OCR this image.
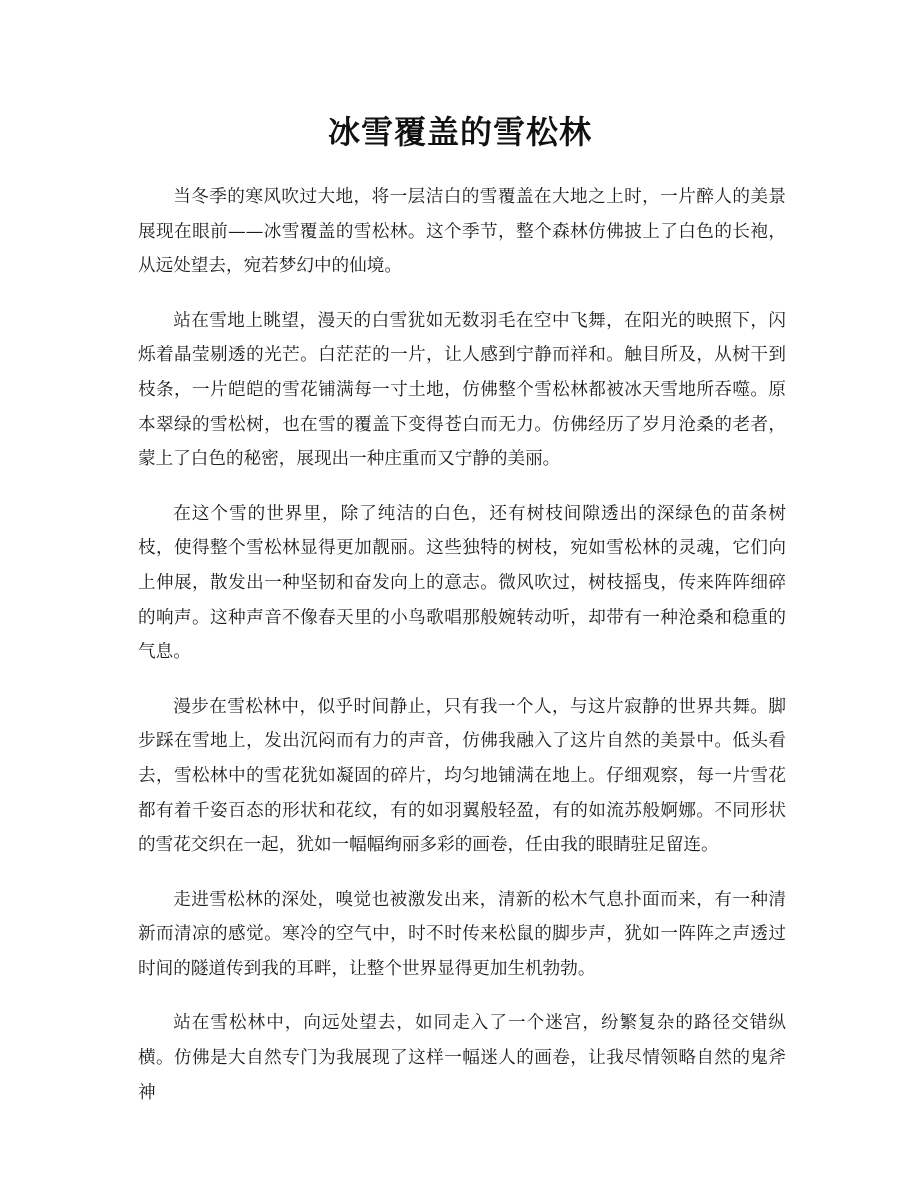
冰雪覆盖的雪松林

当冬季的寒风吹过大地，将一层洁白的雪覆盖在大地之上时，一片醉人的美景展现在眼前——冰雪覆盖的雪松林。这个季节，整个森林仿佛披上了白色的长袍，从远处望去，宛若梦幻中的仙境。

站在雪地上眺望，漫天的白雪犹如无数羽毛在空中飞舞，在阳光的映照下，闪烁着晶莹剔透的光芒。白茫茫的一片，让人感到宁静而祥和。触目所及，从树干到枝条，一片皑皑的雪花铺满每一寸土地，仿佛整个雪松林都被冰天雪地所吞噬。原本翠绿的雪松树，也在雪的覆盖下变得苍白而无力。仿佛经历了岁月沧桑的老者，蒙上了白色的秘密，展现出一种庄重而又宁静的美丽。

在这个雪的世界里，除了纯洁的白色，还有树枝间隙透出的深绿色的苗条树枝，使得整个雪松林显得更加靓丽。这些独特的树枝，宛如雪松林的灵魂，它们向上伸展，散发出一种坚韧和奋发向上的意志。微风吹过，树枝摇曳，传来阵阵细碎的响声。这种声音不像春天里的小鸟歌唱那般婉转动听，却带有一种沧桑和稳重的气息。

漫步在雪松林中，似乎时间静止，只有我一个人，与这片寂静的世界共舞。脚步踩在雪地上，发出沉闷而有力的声音，仿佛我融入了这片自然的美景中。低头看去，雪松林中的雪花犹如凝固的碎片，均匀地铺满在地上。仔细观察，每一片雪花都有着千姿百态的形状和花纹，有的如羽翼般轻盈，有的如流苏般婀娜。不同形状的雪花交织在一起，犹如一幅幅绚丽多彩的画卷，任由我的眼睛驻足留连。

走进雪松林的深处，嗅觉也被激发出来，清新的松木气息扑面而来，有一种清新而清凉的感觉。寒冷的空气中，时不时传来松鼠的脚步声，犹如一阵阵之声透过时间的隧道传到我的耳畔，让整个世界显得更加生机勃勃。

站在雪松林中，向远处望去，如同走入了一个迷宫，纷繁复杂的路径交错纵横。仿佛是大自然专门为我展现了这样一幅迷人的画卷，让我尽情领略自然的鬼斧神
